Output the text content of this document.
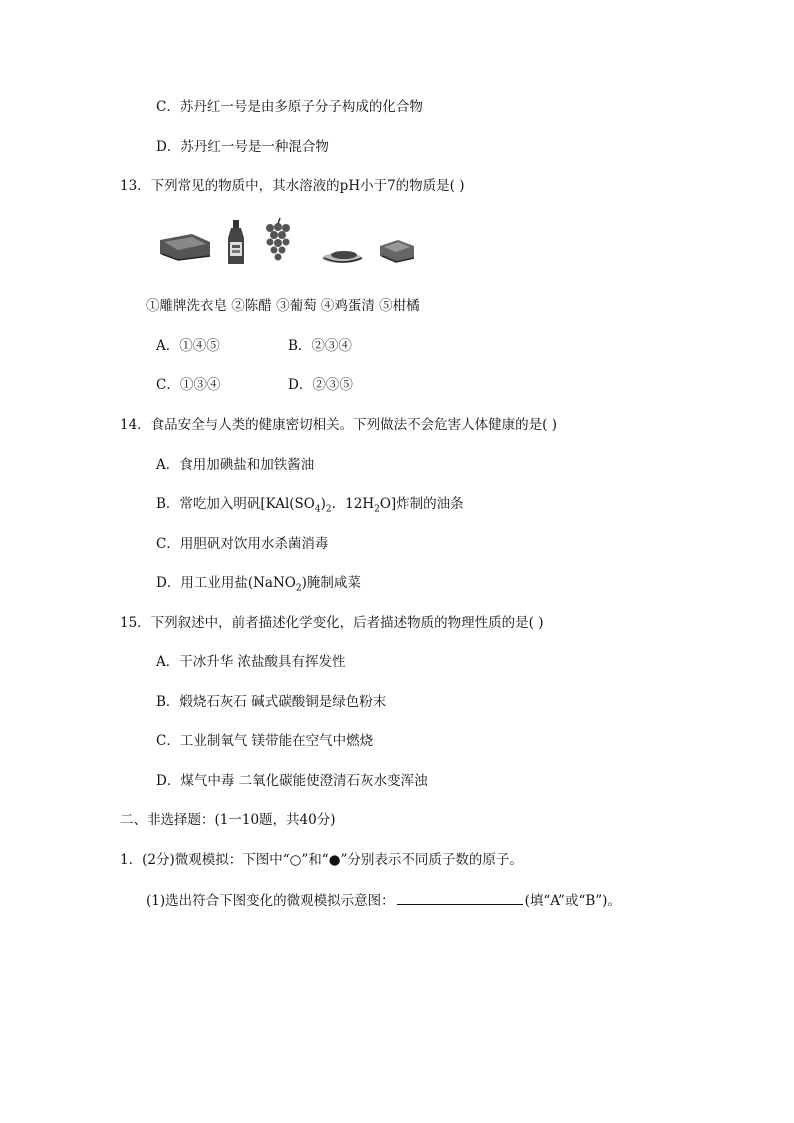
C．苏丹红一号是由多原子分子构成的化合物
D．苏丹红一号是一种混合物
13．下列常见的物质中，其水溶液的pH小于7的物质是( )
①雕牌洗衣皂 ②陈醋 ③葡萄 ④鸡蛋清 ⑤柑橘
A．①④⑤	B．②③④
C．①③④	D．②③⑤
14．食品安全与人类的健康密切相关。下列做法不会危害人体健康的是( )
A．食用加碘盐和加铁酱油
B．常吃加入明矾[$KAl(SO_4)_2$．$12H_2O$]炸制的油条
C．用胆矾对饮用水杀菌消毒
D．用工业用盐(NaNO$_2$)腌制咸菜
15．下列叙述中，前者描述化学变化，后者描述物质的物理性质的是( )
A．干冰升华 浓盐酸具有挥发性
B．煅烧石灰石 碱式碳酸铜是绿色粉末
C．工业制氧气 镁带能在空气中燃烧
D．煤气中毒 二氧化碳能使澄清石灰水变浑浊
二、非选择题：(1一10题，共40分)
1．(2分)微观模拟：下图中“○”和“●”分别表示不同质子数的原子。
(1)选出符合下图变化的微观模拟示意图：	(填“A”或“B”)。
